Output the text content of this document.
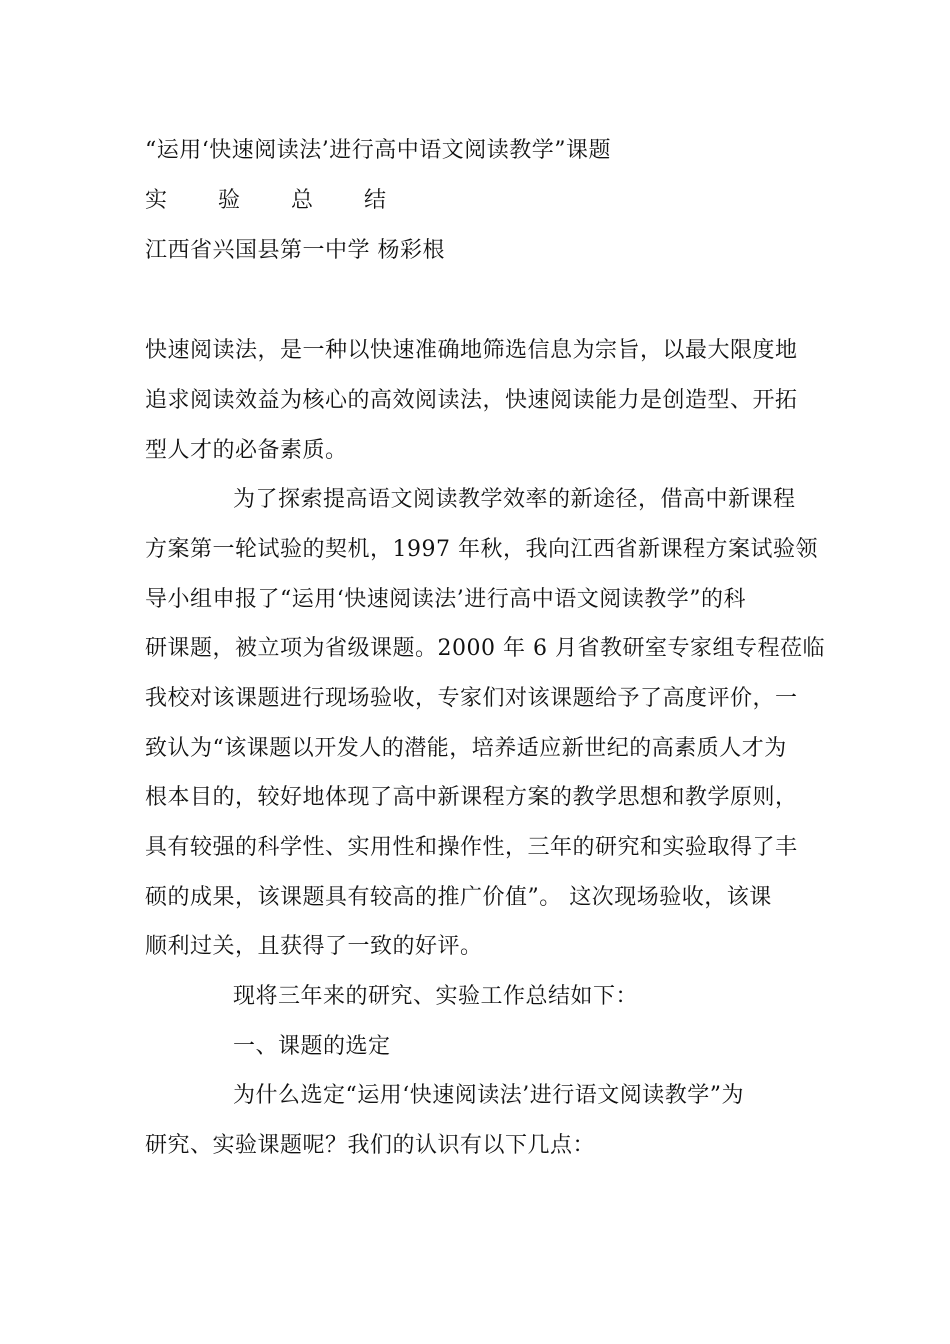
“运用‘快速阅读法’进行高中语文阅读教学”课题
实 验 总 结
江西省兴国县第一中学 杨彩根
快速阅读法，是一种以快速准确地筛选信息为宗旨，以最大限度地
追求阅读效益为核心的高效阅读法，快速阅读能力是创造型、开拓
型人才的必备素质。
为了探索提高语文阅读教学效率的新途径，借高中新课程
方案第一轮试验的契机，1997 年秋，我向江西省新课程方案试验领
导小组申报了“运用‘快速阅读法’进行高中语文阅读教学”的科
研课题，被立项为省级课题。2000 年 6 月省教研室专家组专程莅临
我校对该课题进行现场验收，专家们对该课题给予了高度评价，一
致认为“该课题以开发人的潜能，培养适应新世纪的高素质人才为
根本目的，较好地体现了高中新课程方案的教学思想和教学原则，
具有较强的科学性、实用性和操作性，三年的研究和实验取得了丰
硕的成果，该课题具有较高的推广价值”。 这次现场验收，该课
顺利过关，且获得了一致的好评。
现将三年来的研究、实验工作总结如下：
一、课题的选定
为什么选定“运用‘快速阅读法’进行语文阅读教学”为
研究、实验课题呢？我们的认识有以下几点：
